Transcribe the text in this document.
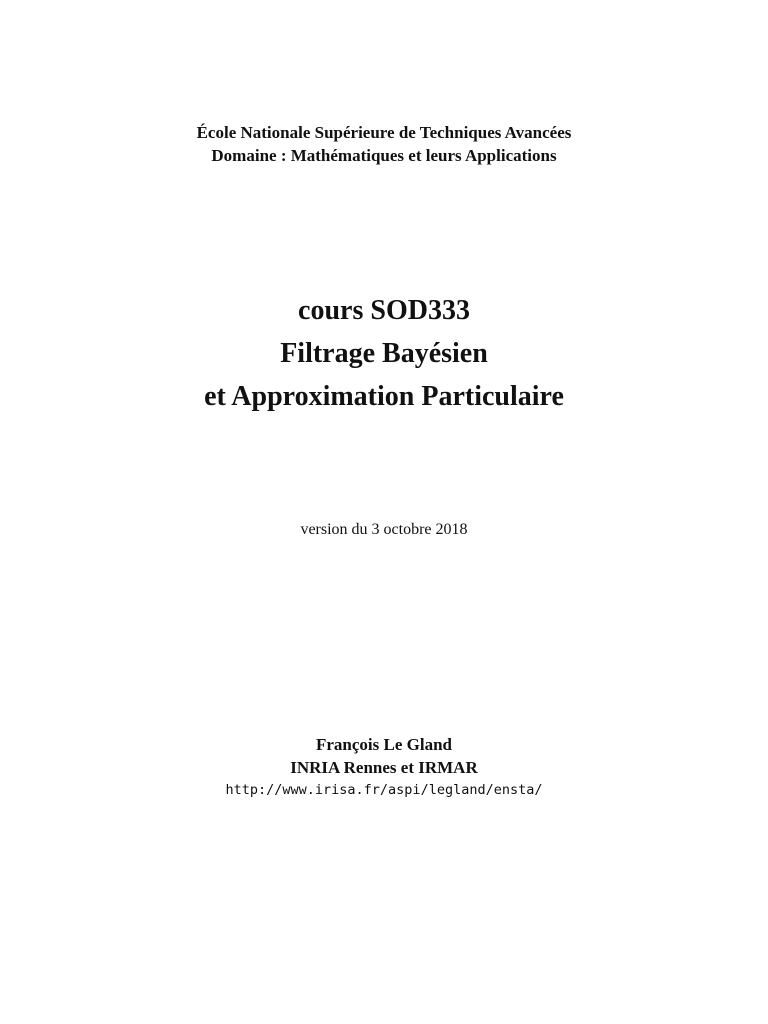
École Nationale Supérieure de Techniques Avancées
Domaine : Mathématiques et leurs Applications
cours SOD333
Filtrage Bayésien
et Approximation Particulaire
version du 3 octobre 2018
François Le Gland
INRIA Rennes et IRMAR
http://www.irisa.fr/aspi/legland/ensta/
